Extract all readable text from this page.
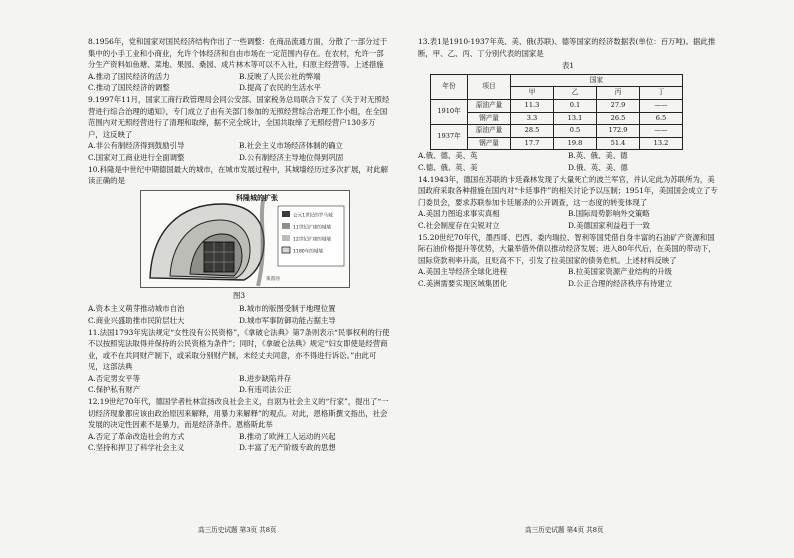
8.1956年，党和国家对国民经济结构作出了一些调整：在商品流通方面，分散了一部分过于集中的小手工业和小商业，允许个体经济和自由市场在一定范围内存在。在农村，允许一部分生产资料如鱼塘、菜地、果园、桑园、成片林木等可以不入社，归原主经营等。上述措施

A.推动了国民经济的活力	B.反映了人民公社的弊端
C.推动了国民经济的调整	D.提高了农民的生活水平

9.1997年11月，国家工商行政管理局会同公安部、国家税务总局联合下发了《关于对无照经营进行综合治理的通知》，专门成立了由有关部门参加的无照经营综合治理工作小组，在全国范围内对无照经营进行了清理和取缔，据不完全统计，全国共取缔了无照经营户130多万户，这反映了

A.非公有制经济得到鼓励引导	B.社会主义市场经济体制的确立
C.国家对工商业进行全面调整	D.公有制经济主导地位得到巩固

10.科隆是中世纪中期德国最大的城市，在城市发展过程中，其城墙经历过多次扩展，对此解读正确的是

公元1世纪的罗马城
11世纪扩建的城墙
12世纪扩建的城墙
1180年的城墙
科隆城的扩张
莱茵河
图3
A.资本主义萌芽推动城市自治	B.城市的版图受制于地理位置
C.商业兴盛助推市民阶层壮大	D.城市军事防御功能占据主导

11.法国1793年宪法规定“女性没有公民资格”，《拿破仑法典》第7条则表示“民事权利的行使不以按照宪法取得并保持的公民资格为条件”；同时，《拿破仑法典》规定“妇女即使是经营商业，或不在共同财产制下，或采取分别财产制，未经丈夫同意，亦不得进行诉讼。”由此可见，这部法典

A.否定男女平等	B.进步缺陷并存
C.保护私有财产	D.有违司法公正

12.19世纪70年代，德国学者杜林宣扬改良社会主义，自诩为社会主义的“行家”，提出了“一切经济现象都应该由政治原因来解释，用暴力来解释”的观点。对此，恩格斯撰文指出，社会发展的决定性因素不是暴力，而是经济条件。恩格斯此举

A.否定了革命改造社会的方式	B.推动了欧洲工人运动的兴起
C.坚持和捍卫了科学社会主义	D.丰富了无产阶级专政的思想

13.表1是1910-1937年英、美、俄(苏联)、德等国家的经济数据表(单位：百万吨)。据此推断，甲、乙、丙、丁分别代表的国家是

表1
年份	项目	国家			
		甲	乙	丙	丁
1910年	原油产量	11.3	0.1	27.9	——
	钢产量	3.3	13.1	26.5	6.5
1937年	原油产量	28.5	0.5	172.9	——
	钢产量	17.7	19.8	51.4	13.2
A.俄、德、美、英	B.英、俄、美、德
C.德、俄、英、美	D.俄、英、美、德

14.1943年，德国在苏联的卡廷森林发现了大量死亡的波兰军官，并认定此为苏联所为，美国政府采取各种措施在国内对“卡廷事件”的相关讨论予以压制；1951年，美国国会成立了专门委员会，要求苏联参加卡廷屠杀的公开调查，这一态度的转变体现了

A.美国力图追求事实真相	B.国际局势影响外交策略
C.社会制度存在尖锐对立	D.美德国家利益趋于一致

15.20世纪70年代，墨西哥、巴西、委内瑞拉、智利等国凭借自身丰富的石油矿产资源和国际石油价格提升等优势，大量举借外债以推动经济发展；进入80年代后，在美国的带动下，国际贷款利率升高，且贬高不下，引发了拉美国家的债务危机。上述材料反映了

A.美国主导经济全球化进程	B.拉美国家资源产业结构的升级
C.美洲需要实现区域集团化	D.公正合理的经济秩序有待建立
高三历史试题 第3页 共8页	高三历史试题 第4页 共8页
